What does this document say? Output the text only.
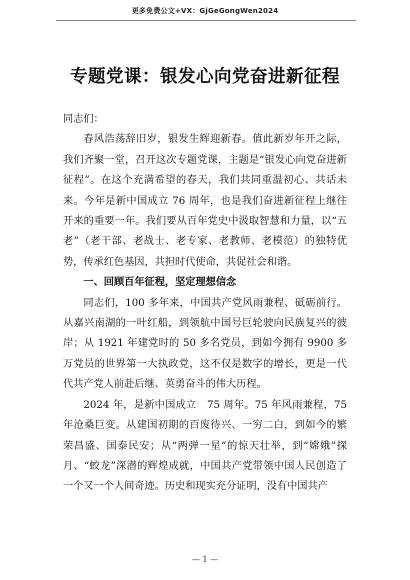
更多免费公文+VX：GjGeGongWen2024
专题党课：银发心向党奋进新征程

同志们：

春风浩荡辞旧岁，银发生辉迎新春。值此新岁年开之际，我们齐聚一堂，召开这次专题党课，主题是“银发心向党奋进新征程”。在这个充满希望的春天，我们共同重温初心、共话未来。今年是新中国成立 76 周年，也是我们奋进新征程上继往开来的重要一年。我们要从百年党史中汲取智慧和力量，以“五老”（老干部、老战士、老专家、老教师、老模范）的独特优势，传承红色基因，共担时代使命，共促社会和谐。

一、回顾百年征程，坚定理想信念

同志们，100 多年来，中国共产党风雨兼程、砥砺前行。从嘉兴南湖的一叶红船，到领航中国号巨轮驶向民族复兴的彼岸；从 1921 年建党时的 50 多名党员，到如今拥有 9900 多万党员的世界第一大执政党，这不仅是数字的增长，更是一代代共产党人前赴后继、英勇奋斗的伟大历程。

2024 年，是新中国成立　75 周年。75 年风雨兼程，75 年沧桑巨变。从建国初期的百废待兴、一穷二白，到如今的繁荣昌盛、国泰民安；从“两弹一星”的惊天壮举，到“嫦娥”探月、“蛟龙”深潜的辉煌成就，中国共产党带领中国人民创造了一个又一个人间奇迹。历史和现实充分证明，没有中国共产

— 1 —
